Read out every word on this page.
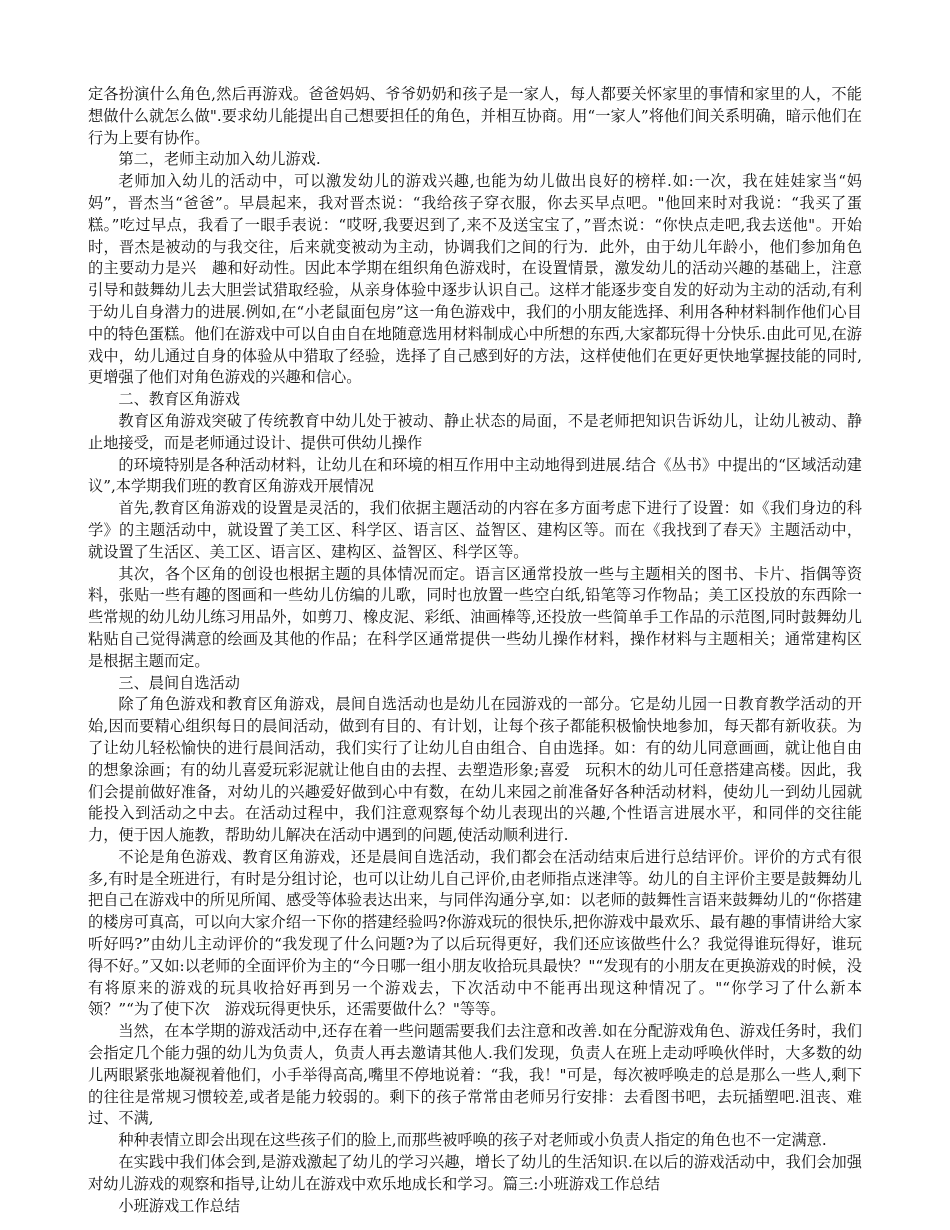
定各扮演什么角色,然后再游戏。爸爸妈妈、爷爷奶奶和孩子是一家人，每人都要关怀家里的事情和家里的人，不能想做什么就怎么做".要求幼儿能提出自己想要担任的角色，并相互协商。用“一家人”将他们间关系明确，暗示他们在行为上要有协作。

第二，老师主动加入幼儿游戏.

老师加入幼儿的活动中，可以激发幼儿的游戏兴趣,也能为幼儿做出良好的榜样.如:一次，我在娃娃家当“妈妈”，晋杰当“爸爸”。早晨起来，我对晋杰说：“我给孩子穿衣服，你去买早点吧。"他回来时对我说：“我买了蛋糕。”吃过早点，我看了一眼手表说：“哎呀,我要迟到了,来不及送宝宝了，”晋杰说：“你快点走吧,我去送他"。开始时，晋杰是被动的与我交往，后来就变被动为主动，协调我们之间的行为．此外，由于幼儿年龄小，他们参加角色的主要动力是兴　趣和好动性。因此本学期在组织角色游戏时，在设置情景，激发幼儿的活动兴趣的基础上，注意引导和鼓舞幼儿去大胆尝试猎取经验，从亲身体验中逐步认识自己。这样才能逐步变自发的好动为主动的活动,有利于幼儿自身潜力的进展.例如,在“小老鼠面包房”这一角色游戏中，我们的小朋友能选择、利用各种材料制作他们心目中的特色蛋糕。他们在游戏中可以自由自在地随意选用材料制成心中所想的东西,大家都玩得十分快乐.由此可见,在游戏中，幼儿通过自身的体验从中猎取了经验，选择了自己感到好的方法，这样使他们在更好更快地掌握技能的同时,更增强了他们对角色游戏的兴趣和信心。

二、教育区角游戏

教育区角游戏突破了传统教育中幼儿处于被动、静止状态的局面，不是老师把知识告诉幼儿，让幼儿被动、静止地接受，而是老师通过设计、提供可供幼儿操作

的环境特别是各种活动材料，让幼儿在和环境的相互作用中主动地得到进展.结合《丛书》中提出的“区域活动建议”,本学期我们班的教育区角游戏开展情况

首先,教育区角游戏的设置是灵活的，我们依据主题活动的内容在多方面考虑下进行了设置：如《我们身边的科学》的主题活动中，就设置了美工区、科学区、语言区、益智区、建构区等。而在《我找到了春天》主题活动中，就设置了生活区、美工区、语言区、建构区、益智区、科学区等。

其次，各个区角的创设也根据主题的具体情况而定。语言区通常投放一些与主题相关的图书、卡片、指偶等资料，张贴一些有趣的图画和一些幼儿仿编的儿歌，同时也放置一些空白纸,铅笔等习作物品；美工区投放的东西除一些常规的幼儿幼儿练习用品外，如剪刀、橡皮泥、彩纸、油画棒等,还投放一些简单手工作品的示范图,同时鼓舞幼儿粘贴自己觉得满意的绘画及其他的作品；在科学区通常提供一些幼儿操作材料，操作材料与主题相关；通常建构区是根据主题而定。

三、晨间自选活动

除了角色游戏和教育区角游戏，晨间自选活动也是幼儿在园游戏的一部分。它是幼儿园一日教育教学活动的开始,因而要精心组织每日的晨间活动，做到有目的、有计划，让每个孩子都能积极愉快地参加，每天都有新收获。为了让幼儿轻松愉快的进行晨间活动，我们实行了让幼儿自由组合、自由选择。如：有的幼儿同意画画，就让他自由的想象涂画；有的幼儿喜爱玩彩泥就让他自由的去捏、去塑造形象;喜爱　玩积木的幼儿可任意搭建高楼。因此，我们会提前做好准备，对幼儿的兴趣爱好做到心中有数，在幼儿来园之前准备好各种活动材料，使幼儿一到幼儿园就能投入到活动之中去。在活动过程中，我们注意观察每个幼儿表现出的兴趣,个性语言进展水平，和同伴的交往能力，便于因人施教，帮助幼儿解决在活动中遇到的问题,使活动顺利进行.

不论是角色游戏、教育区角游戏，还是晨间自选活动，我们都会在活动结束后进行总结评价。评价的方式有很多,有时是全班进行，有时是分组讨论，也可以让幼儿自己评价,由老师指点迷津等。幼儿的自主评价主要是鼓舞幼儿把自己在游戏中的所见所闻、感受等体验表达出来，与同伴沟通分享,如：以老师的鼓舞性言语来鼓舞幼儿的“你搭建的楼房可真高，可以向大家介绍一下你的搭建经验吗?你游戏玩的很快乐,把你游戏中最欢乐、最有趣的事情讲给大家听好吗?”由幼儿主动评价的“我发现了什么问题?为了以后玩得更好，我们还应该做些什么？我觉得谁玩得好，谁玩得不好。”又如:以老师的全面评价为主的“今日哪一组小朋友收拾玩具最快？"“发现有的小朋友在更换游戏的时候，没有将原来的游戏的玩具收拾好再到另一个游戏去，下次活动中不能再出现这种情况了。"“你学习了什么新本领？”“为了使下次　游戏玩得更快乐，还需要做什么？"等等。

当然，在本学期的游戏活动中,还存在着一些问题需要我们去注意和改善.如在分配游戏角色、游戏任务时，我们会指定几个能力强的幼儿为负责人，负责人再去邀请其他人.我们发现，负责人在班上走动呼唤伙伴时，大多数的幼儿两眼紧张地凝视着他们，小手举得高高,嘴里不停地说着：“我，我！"可是，每次被呼唤走的总是那么一些人,剩下的往往是常规习惯较差,或者是能力较弱的。剩下的孩子常常由老师另行安排：去看图书吧，去玩插塑吧.沮丧、难过、不满,

种种表情立即会出现在这些孩子们的脸上,而那些被呼唤的孩子对老师或小负责人指定的角色也不一定满意.

在实践中我们体会到,是游戏激起了幼儿的学习兴趣，增长了幼儿的生活知识.在以后的游戏活动中，我们会加强对幼儿游戏的观察和指导,让幼儿在游戏中欢乐地成长和学习。篇三:小班游戏工作总结

小班游戏工作总结
